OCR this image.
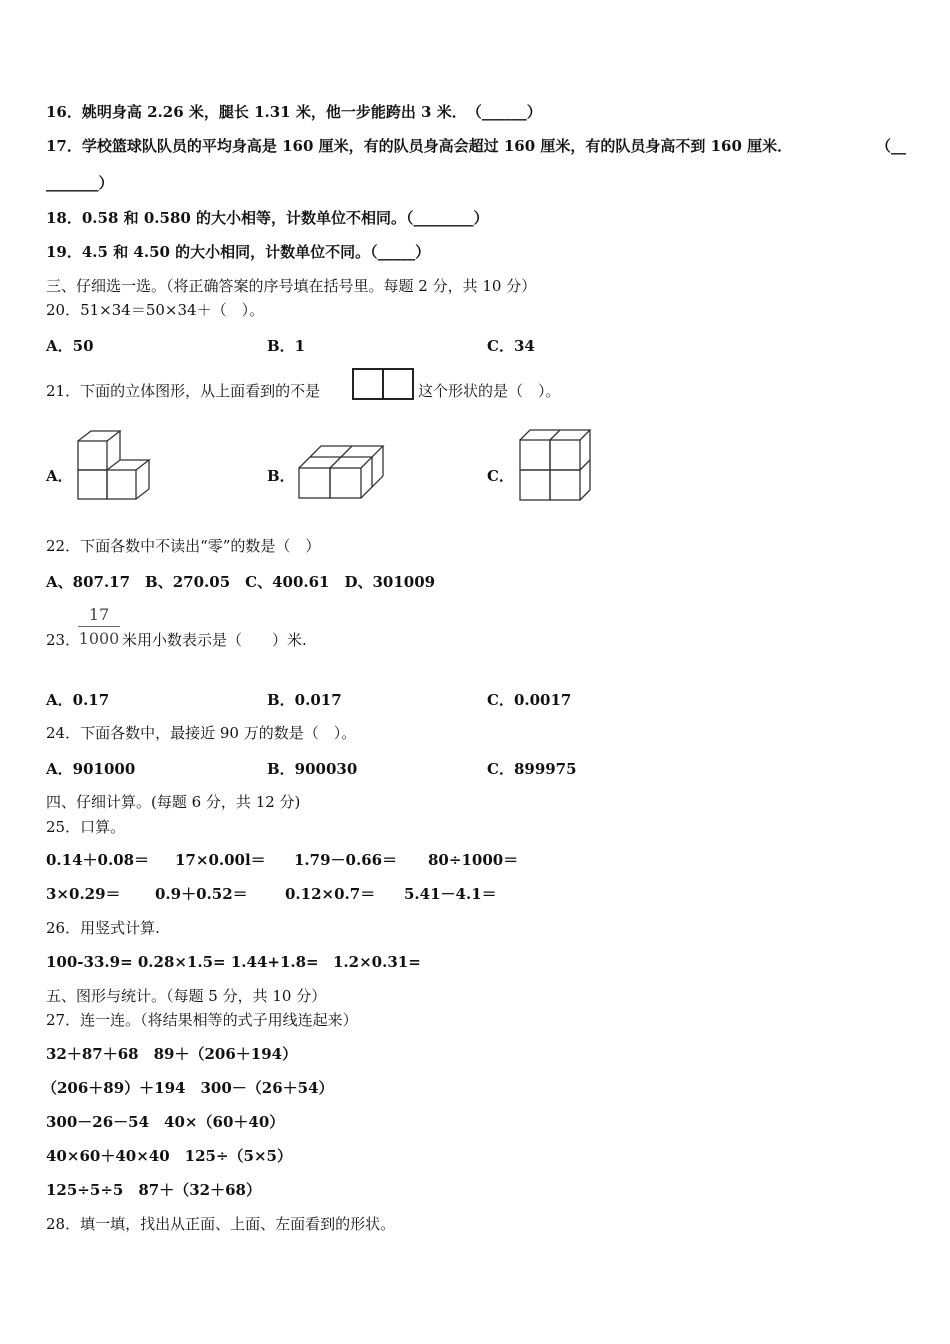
16．姚明身高 2.26 米，腿长 1.31 米，他一步能跨出 3 米．　（______）
17．学校篮球队队员的平均身高是 160 厘米，有的队员身高会超过 160 厘米，有的队员身高不到 160 厘米．	（__
_______）
18．0.58 和 0.580 的大小相等，计数单位不相同。（________）
19．4.5 和 4.50 的大小相同，计数单位不同。（_____）
三、仔细选一选。（将正确答案的序号填在括号里。每题 2 分，共 10 分）
20．51×34＝50×34＋（　）。
A．50	B．1	C．34
21．下面的立体图形，从上面看到的不是	这个形状的是（　）。
A．	B．	C．
22．下面各数中不读出“零”的数是（　）
A、807.17　B、270.05　C、400.61　D、301009
17
1000
23．	米用小数表示是（　　）米.
A．0.17	B．0.017	C．0.0017
24．下面各数中，最接近 90 万的数是（　）。
A．901000	B．900030	C．899975
四、仔细计算。(每题 6 分，共 12 分)
25．口算。
0.14＋0.08＝ 17×0.00l＝ 1.79－0.66＝ 80÷1000＝
3×0.29＝ 0.9＋0.52＝ 0.12×0.7＝ 5.41－4.1＝
26．用竖式计算.
100-33.9= 0.28×1.5= 1.44+1.8= 1.2×0.31=
五、图形与统计。（每题 5 分，共 10 分）
27．连一连。（将结果相等的式子用线连起来）
32＋87＋68　89＋（206＋194）
（206＋89）＋194　300－（26＋54）
300－26－54　40×（60＋40）
40×60＋40×40　125÷（5×5）
125÷5÷5　87＋（32＋68）
28．填一填，找出从正面、上面、左面看到的形状。
